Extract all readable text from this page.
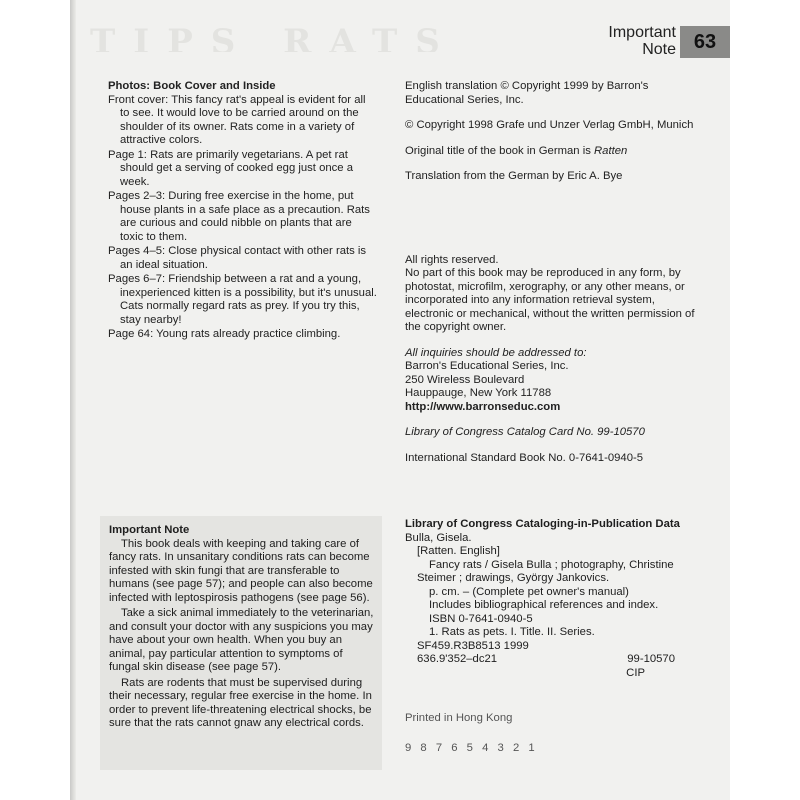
TIPS RATS	Important Note 63
Photos: Book Cover and Inside
Front cover: This fancy rat's appeal is evident for all to see. It would love to be carried around on the shoulder of its owner. Rats come in a variety of attractive colors.
Page 1: Rats are primarily vegetarians. A pet rat should get a serving of cooked egg just once a week.
Pages 2–3: During free exercise in the home, put house plants in a safe place as a precaution. Rats are curious and could nibble on plants that are toxic to them.
Pages 4–5: Close physical contact with other rats is an ideal situation.
Pages 6–7: Friendship between a rat and a young, inexperienced kitten is a possibility, but it's unusual. Cats normally regard rats as prey. If you try this, stay nearby!
Page 64: Young rats already practice climbing.
English translation © Copyright 1999 by Barron's Educational Series, Inc.
© Copyright 1998 Grafe und Unzer Verlag GmbH, Munich
Original title of the book in German is Ratten
Translation from the German by Eric A. Bye
All rights reserved.
No part of this book may be reproduced in any form, by photostat, microfilm, xerography, or any other means, or incorporated into any information retrieval system, electronic or mechanical, without the written permission of the copyright owner.
All inquiries should be addressed to:
Barron's Educational Series, Inc.
250 Wireless Boulevard
Hauppauge, New York 11788
http://www.barronseduc.com
Library of Congress Catalog Card No. 99-10570
International Standard Book No. 0-7641-0940-5
Important Note
This book deals with keeping and taking care of fancy rats. In unsanitary conditions rats can become infested with skin fungi that are transferable to humans (see page 57); and people can also become infected with leptospirosis pathogens (see page 56).
Take a sick animal immediately to the veterinarian, and consult your doctor with any suspicions you may have about your own health. When you buy an animal, pay particular attention to symptoms of fungal skin disease (see page 57).
Rats are rodents that must be supervised during their necessary, regular free exercise in the home. In order to prevent life-threatening electrical shocks, be sure that the rats cannot gnaw any electrical cords.
Library of Congress Cataloging-in-Publication Data
Bulla, Gisela.
[Ratten. English]
Fancy rats / Gisela Bulla ; photography, Christine
Steimer ; drawings, György Jankovics.
p. cm. – (Complete pet owner's manual)
Includes bibliographical references and index.
ISBN 0-7641-0940-5
1. Rats as pets. I. Title. II. Series.
SF459.R3B8513 1999
636.9'352–dc21	99-10570
CIP

Printed in Hong Kong
9 8 7 6 5 4 3 2 1
